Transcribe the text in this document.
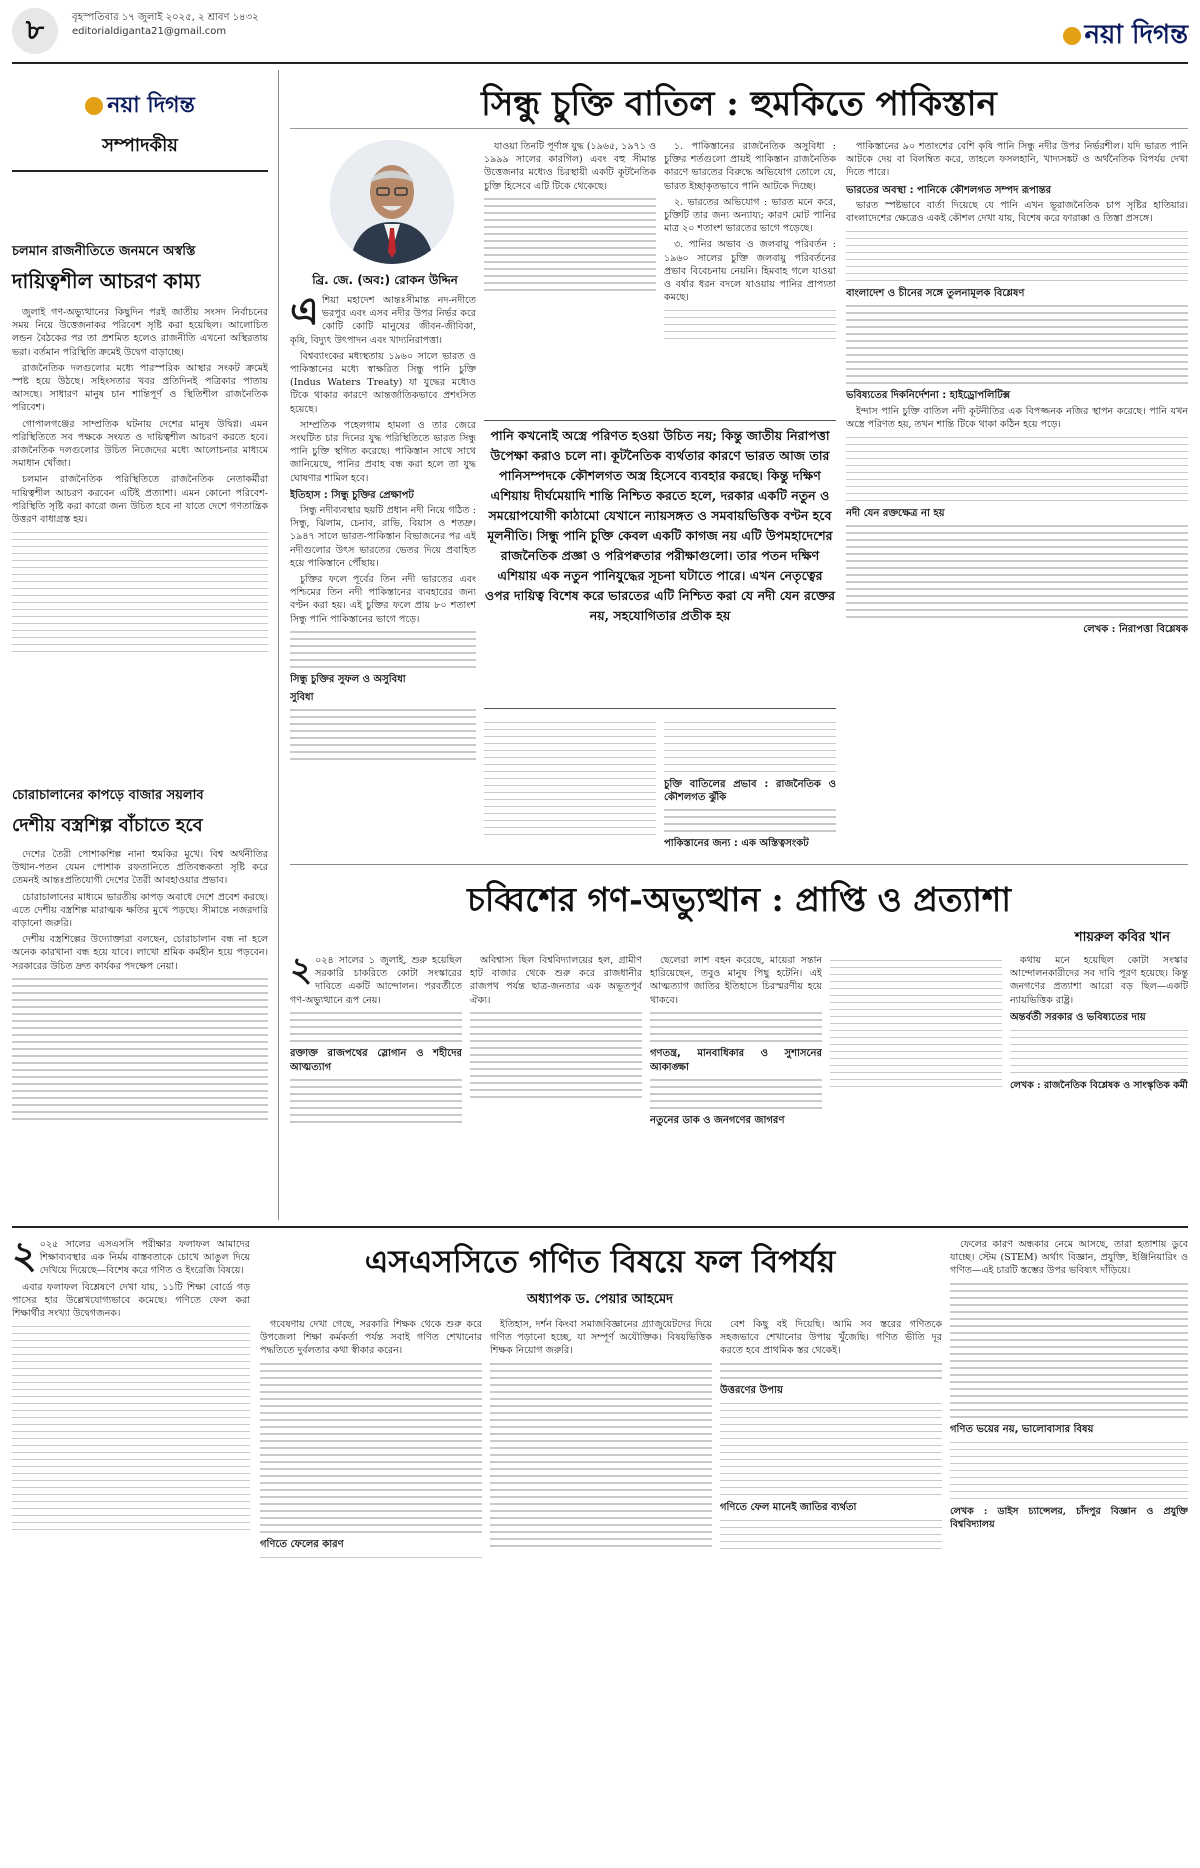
৮	বৃহস্পতিবার ১৭ জুলাই ২০২৫, ২ শ্রাবণ ১৪৩২
editorialdiganta21@gmail.com	নয়া দিগন্ত
নয়া দিগন্ত
সম্পাদকীয়
চলমান রাজনীতিতে জনমনে অস্বস্তি
দায়িত্বশীল আচরণ কাম্য

জুলাই গণ-অভ্যুত্থানের কিছুদিন পরই জাতীয় সংসদ নির্বাচনের সময় নিয়ে উত্তেজনাকর পরিবেশ সৃষ্টি করা হয়েছিল। আলোচিত লন্ডন বৈঠকের পর তা প্রশমিত হলেও রাজনীতি এখনো অস্থিরতায় ভরা। বর্তমান পরিস্থিতি ক্রমেই উদ্বেগ বাড়াচ্ছে।

রাজনৈতিক দলগুলোর মধ্যে পারস্পরিক আস্থার সংকট ক্রমেই স্পষ্ট হয়ে উঠছে। সহিংসতার খবর প্রতিদিনই পত্রিকার পাতায় আসছে। সাধারণ মানুষ চান শান্তিপূর্ণ ও স্থিতিশীল রাজনৈতিক পরিবেশ।

গোপালগঞ্জের সাম্প্রতিক ঘটনায় দেশের মানুষ উদ্বিগ্ন। এমন পরিস্থিতিতে সব পক্ষকে সংযত ও দায়িত্বশীল আচরণ করতে হবে। রাজনৈতিক দলগুলোর উচিত নিজেদের মধ্যে আলোচনার মাধ্যমে সমাধান খোঁজা।

চলমান রাজনৈতিক পরিস্থিতিতে রাজনৈতিক নেতাকর্মীরা দায়িত্বশীল আচরণ করবেন এটিই প্রত্যাশা। এমন কোনো পরিবেশ-পরিস্থিতি সৃষ্টি করা কারো জন্য উচিত হবে না যাতে দেশে গণতান্ত্রিক উত্তরণ বাধাগ্রস্ত হয়।

চোরাচালানের কাপড়ে বাজার সয়লাব
দেশীয় বস্ত্রশিল্প বাঁচাতে হবে

দেশের তৈরী পোশাকশিল্প নানা হুমকির মুখে। বিশ্ব অর্থনীতির উত্থান-পতন যেমন পোশাক রফতানিতে প্রতিবন্ধকতা সৃষ্টি করে তেমনই আন্তঃপ্রতিযোগী দেশের তৈরী আবহাওয়ার প্রভাব।

চোরাচালানের মাধ্যমে ভারতীয় কাপড় অবাধে দেশে প্রবেশ করছে। এতে দেশীয় বস্ত্রশিল্প মারাত্মক ক্ষতির মুখে পড়ছে। সীমান্তে নজরদারি বাড়ানো জরুরি।

দেশীয় বস্ত্রশিল্পের উদ্যোক্তারা বলছেন, চোরাচালান বন্ধ না হলে অনেক কারখানা বন্ধ হয়ে যাবে। লাখো শ্রমিক কর্মহীন হয়ে পড়বেন। সরকারের উচিত দ্রুত কার্যকর পদক্ষেপ নেয়া।

সিন্ধু চুক্তি বাতিল : হুমকিতে পাকিস্তান
ব্রি. জে. (অব:) রোকন উদ্দিন

এশিয়া মহাদেশ আন্তঃসীমান্ত নদ-নদীতে ভরপুর এবং এসব নদীর উপর নির্ভর করে কোটি কোটি মানুষের জীবন-জীবিকা, কৃষি, বিদ্যুৎ উৎপাদন এবং খাদ্যনিরাপত্তা।

বিশ্বব্যাংকের মধ্যস্থতায় ১৯৬০ সালে ভারত ও পাকিস্তানের মধ্যে স্বাক্ষরিত সিন্ধু পানি চুক্তি (Indus Waters Treaty) যা যুদ্ধের মধ্যেও টিকে থাকার কারণে আন্তর্জাতিকভাবে প্রশংসিত হয়েছে।

সাম্প্রতিক পহেলগাম হামলা ও তার জেরে সংঘটিত চার দিনের যুদ্ধ পরিস্থিতিতে ভারত সিন্ধু পানি চুক্তি স্থগিত করেছে। পাকিস্তান সাথে সাথে জানিয়েছে, পানির প্রবাহ বন্ধ করা হলে তা যুদ্ধ ঘোষণার শামিল হবে।

ইতিহাস : সিন্ধু চুক্তির প্রেক্ষাপট

সিন্ধু নদীব্যবস্থার ছয়টি প্রধান নদী নিয়ে গঠিত : সিন্ধু, ঝিলাম, চেনাব, রাভি, বিয়াস ও শতদ্রু। ১৯৪৭ সালে ভারত-পাকিস্তান বিভাজনের পর এই নদীগুলোর উৎস ভারতের ভেতর দিয়ে প্রবাহিত হয়ে পাকিস্তানে পৌঁছায়।

চুক্তির ফলে পূর্বের তিন নদী ভারতের এবং পশ্চিমের তিন নদী পাকিস্তানের ব্যবহারের জন্য বণ্টন করা হয়। এই চুক্তির ফলে প্রায় ৮০ শতাংশ সিন্ধু পানি পাকিস্তানের ভাগে পড়ে।

সিন্ধু চুক্তির সুফল ও অসুবিধা
সুবিধা

যাওয়া তিনটি পূর্ণাঙ্গ যুদ্ধ (১৯৬৫, ১৯৭১ ও ১৯৯৯ সালের কারগিল) এবং বহু সীমান্ত উত্তেজনার মধ্যেও চিরস্থায়ী একটি কূটনৈতিক চুক্তি হিসেবে এটি টিকে থেকেছে।

১. পাকিস্তানের রাজনৈতিক অসুবিধা : চুক্তির শর্তগুলো প্রায়ই পাকিস্তান রাজনৈতিক কারণে ভারতের বিরুদ্ধে অভিযোগ তোলে যে, ভারত ইচ্ছাকৃতভাবে পানি আটকে দিচ্ছে।

২. ভারতের অভিযোগ : ভারত মনে করে, চুক্তিটি তার জন্য অন্যায্য; কারণ মোট পানির মাত্র ২০ শতাংশ ভারতের ভাগে পড়েছে।

৩. পানির অভাব ও জলবায়ু পরিবর্তন : ১৯৬০ সালের চুক্তি জলবায়ু পরিবর্তনের প্রভাব বিবেচনায় নেয়নি। হিমবাহ গলে যাওয়া ও বর্ষার ধরন বদলে যাওয়ায় পানির প্রাপ্যতা কমছে।

পানি কখনোই অস্ত্রে পরিণত হওয়া উচিত নয়; কিন্তু জাতীয় নিরাপত্তা উপেক্ষা করাও চলে না। কূটনৈতিক ব্যর্থতার কারণে ভারত আজ তার পানিসম্পদকে কৌশলগত অস্ত্র হিসেবে ব্যবহার করছে। কিন্তু দক্ষিণ এশিয়ায় দীর্ঘমেয়াদি শান্তি নিশ্চিত করতে হলে, দরকার একটি নতুন ও সময়োপযোগী কাঠামো যেখানে ন্যায়সঙ্গত ও সমবায়ভিত্তিক বণ্টন হবে মূলনীতি। সিন্ধু পানি চুক্তি কেবল একটি কাগজ নয় এটি উপমহাদেশের রাজনৈতিক প্রজ্ঞা ও পরিপক্বতার পরীক্ষাগুলো। তার পতন দক্ষিণ এশিয়ায় এক নতুন পানিযুদ্ধের সূচনা ঘটাতে পারে। এখন নেতৃত্বের ওপর দায়িত্ব বিশেষ করে ভারতের এটি নিশ্চিত করা যে নদী যেন রক্তের নয়, সহযোগিতার প্রতীক হয়
চুক্তি বাতিলের প্রভাব : রাজনৈতিক ও কৌশলগত ঝুঁকি
পাকিস্তানের জন্য : এক অস্তিত্বসংকট

পাকিস্তানের ৯০ শতাংশের বেশি কৃষি পানি সিন্ধু নদীর উপর নির্ভরশীল। যদি ভারত পানি আটকে দেয় বা বিলম্বিত করে, তাহলে ফসলহানি, খাদ্যসঙ্কট ও অর্থনৈতিক বিপর্যয় দেখা দিতে পারে।

ভারতের অবস্থা : পানিকে কৌশলগত সম্পদ রূপান্তর

ভারত স্পষ্টভাবে বার্তা দিয়েছে যে পানি এখন ভূরাজনৈতিক চাপ সৃষ্টির হাতিয়ার। বাংলাদেশের ক্ষেত্রেও একই কৌশল দেখা যায়, বিশেষ করে ফারাক্কা ও তিস্তা প্রসঙ্গে।

বাংলাদেশ ও চীনের সঙ্গে তুলনামূলক বিশ্লেষণ
ভবিষ্যতের দিকনির্দেশনা : হাইড্রোপলিটিক্স

ইন্দাস পানি চুক্তি বাতিল নদী কূটনীতির এক বিপজ্জনক নজির স্থাপন করেছে। পানি যখন অস্ত্রে পরিণত হয়, তখন শান্তি টিকে থাকা কঠিন হয়ে পড়ে।

নদী যেন রক্তক্ষেত্র না হয়
লেখক : নিরাপত্তা বিশ্লেষক
চব্বিশের গণ-অভ্যুত্থান : প্রাপ্তি ও প্রত্যাশা
শায়রুল কবির খান

২ ০২৪ সালের ১ জুলাই, শুরু হয়েছিল সরকারি চাকরিতে কোটা সংস্কারের দাবিতে একটি আন্দোলন। পরবর্তীতে গণ-অভ্যুত্থানে রূপ নেয়।

রক্তাক্ত রাজপথের স্লোগান ও শহীদের আত্মত্যাগ

অবিশ্বাস্য ছিল বিশ্ববিদ্যালয়ের হল, গ্রামীণ হাট বাজার থেকে শুরু করে রাজধানীর রাজপথ পর্যন্ত ছাত্র-জনতার এক অভূতপূর্ব ঐক্য।

ছেলেরা লাশ বহন করেছে, মায়েরা সন্তান হারিয়েছেন, তবুও মানুষ পিছু হটেনি। এই আত্মত্যাগ জাতির ইতিহাসে চিরস্মরণীয় হয়ে থাকবে।

গণতন্ত্র, মানবাধিকার ও সুশাসনের আকাঙ্ক্ষা
নতুনের ডাক ও জনগণের জাগরণ

কথায় মনে হয়েছিল কোটা সংস্কার আন্দোলনকারীদের সব দাবি পূরণ হয়েছে। কিন্তু জনগণের প্রত্যাশা আরো বড় ছিল—একটি ন্যায়ভিত্তিক রাষ্ট্র।

অন্তর্বর্তী সরকার ও ভবিষ্যতের দায়
লেখক : রাজনৈতিক বিশ্লেষক ও সাংস্কৃতিক কর্মী
এসএসসিতে গণিত বিষয়ে ফল বিপর্যয়
অধ্যাপক ড. পেয়ার আহমেদ

২ ০২৫ সালের এসএসসি পরীক্ষার ফলাফল আমাদের শিক্ষাব্যবস্থার এক নির্মম বাস্তবতাকে চোখে আঙুল দিয়ে দেখিয়ে দিয়েছে—বিশেষ করে গণিত ও ইংরেজি বিষয়ে।

এবার ফলাফল বিশ্লেষণে দেখা যায়, ১১টি শিক্ষা বোর্ডে গড় পাসের হার উল্লেখযোগ্যভাবে কমেছে। গণিতে ফেল করা শিক্ষার্থীর সংখ্যা উদ্বেগজনক।

গবেষণায় দেখা গেছে, সরকারি শিক্ষক থেকে শুরু করে উপজেলা শিক্ষা কর্মকর্তা পর্যন্ত সবাই গণিত শেখানোর পদ্ধতিতে দুর্বলতার কথা স্বীকার করেন।

গণিতে ফেলের কারণ

ইতিহাস, দর্শন কিংবা সমাজবিজ্ঞানের গ্র্যাজুয়েটদের দিয়ে গণিত পড়ানো হচ্ছে, যা সম্পূর্ণ অযৌক্তিক। বিষয়ভিত্তিক শিক্ষক নিয়োগ জরুরি।

বেশ কিছু বই দিয়েছি। আমি সব স্তরের গণিতকে সহজভাবে শেখানোর উপায় খুঁজেছি। গণিত ভীতি দূর করতে হবে প্রাথমিক স্তর থেকেই।

উত্তরণের উপায়
গণিতে ফেল মানেই জাতির ব্যর্থতা

ফেলের কারণ অন্ধকার নেমে আসছে, তারা হতাশায় ডুবে যাচ্ছে। স্টেম (STEM) অর্থাৎ বিজ্ঞান, প্রযুক্তি, ইঞ্জিনিয়ারিং ও গণিত—এই চারটি স্তম্ভের উপর ভবিষ্যৎ দাঁড়িয়ে।

গণিত ভয়ের নয়, ভালোবাসার বিষয়
লেখক : ডাইস চ্যান্সেলর, চাঁদপুর বিজ্ঞান ও প্রযুক্তি বিশ্ববিদ্যালয়
